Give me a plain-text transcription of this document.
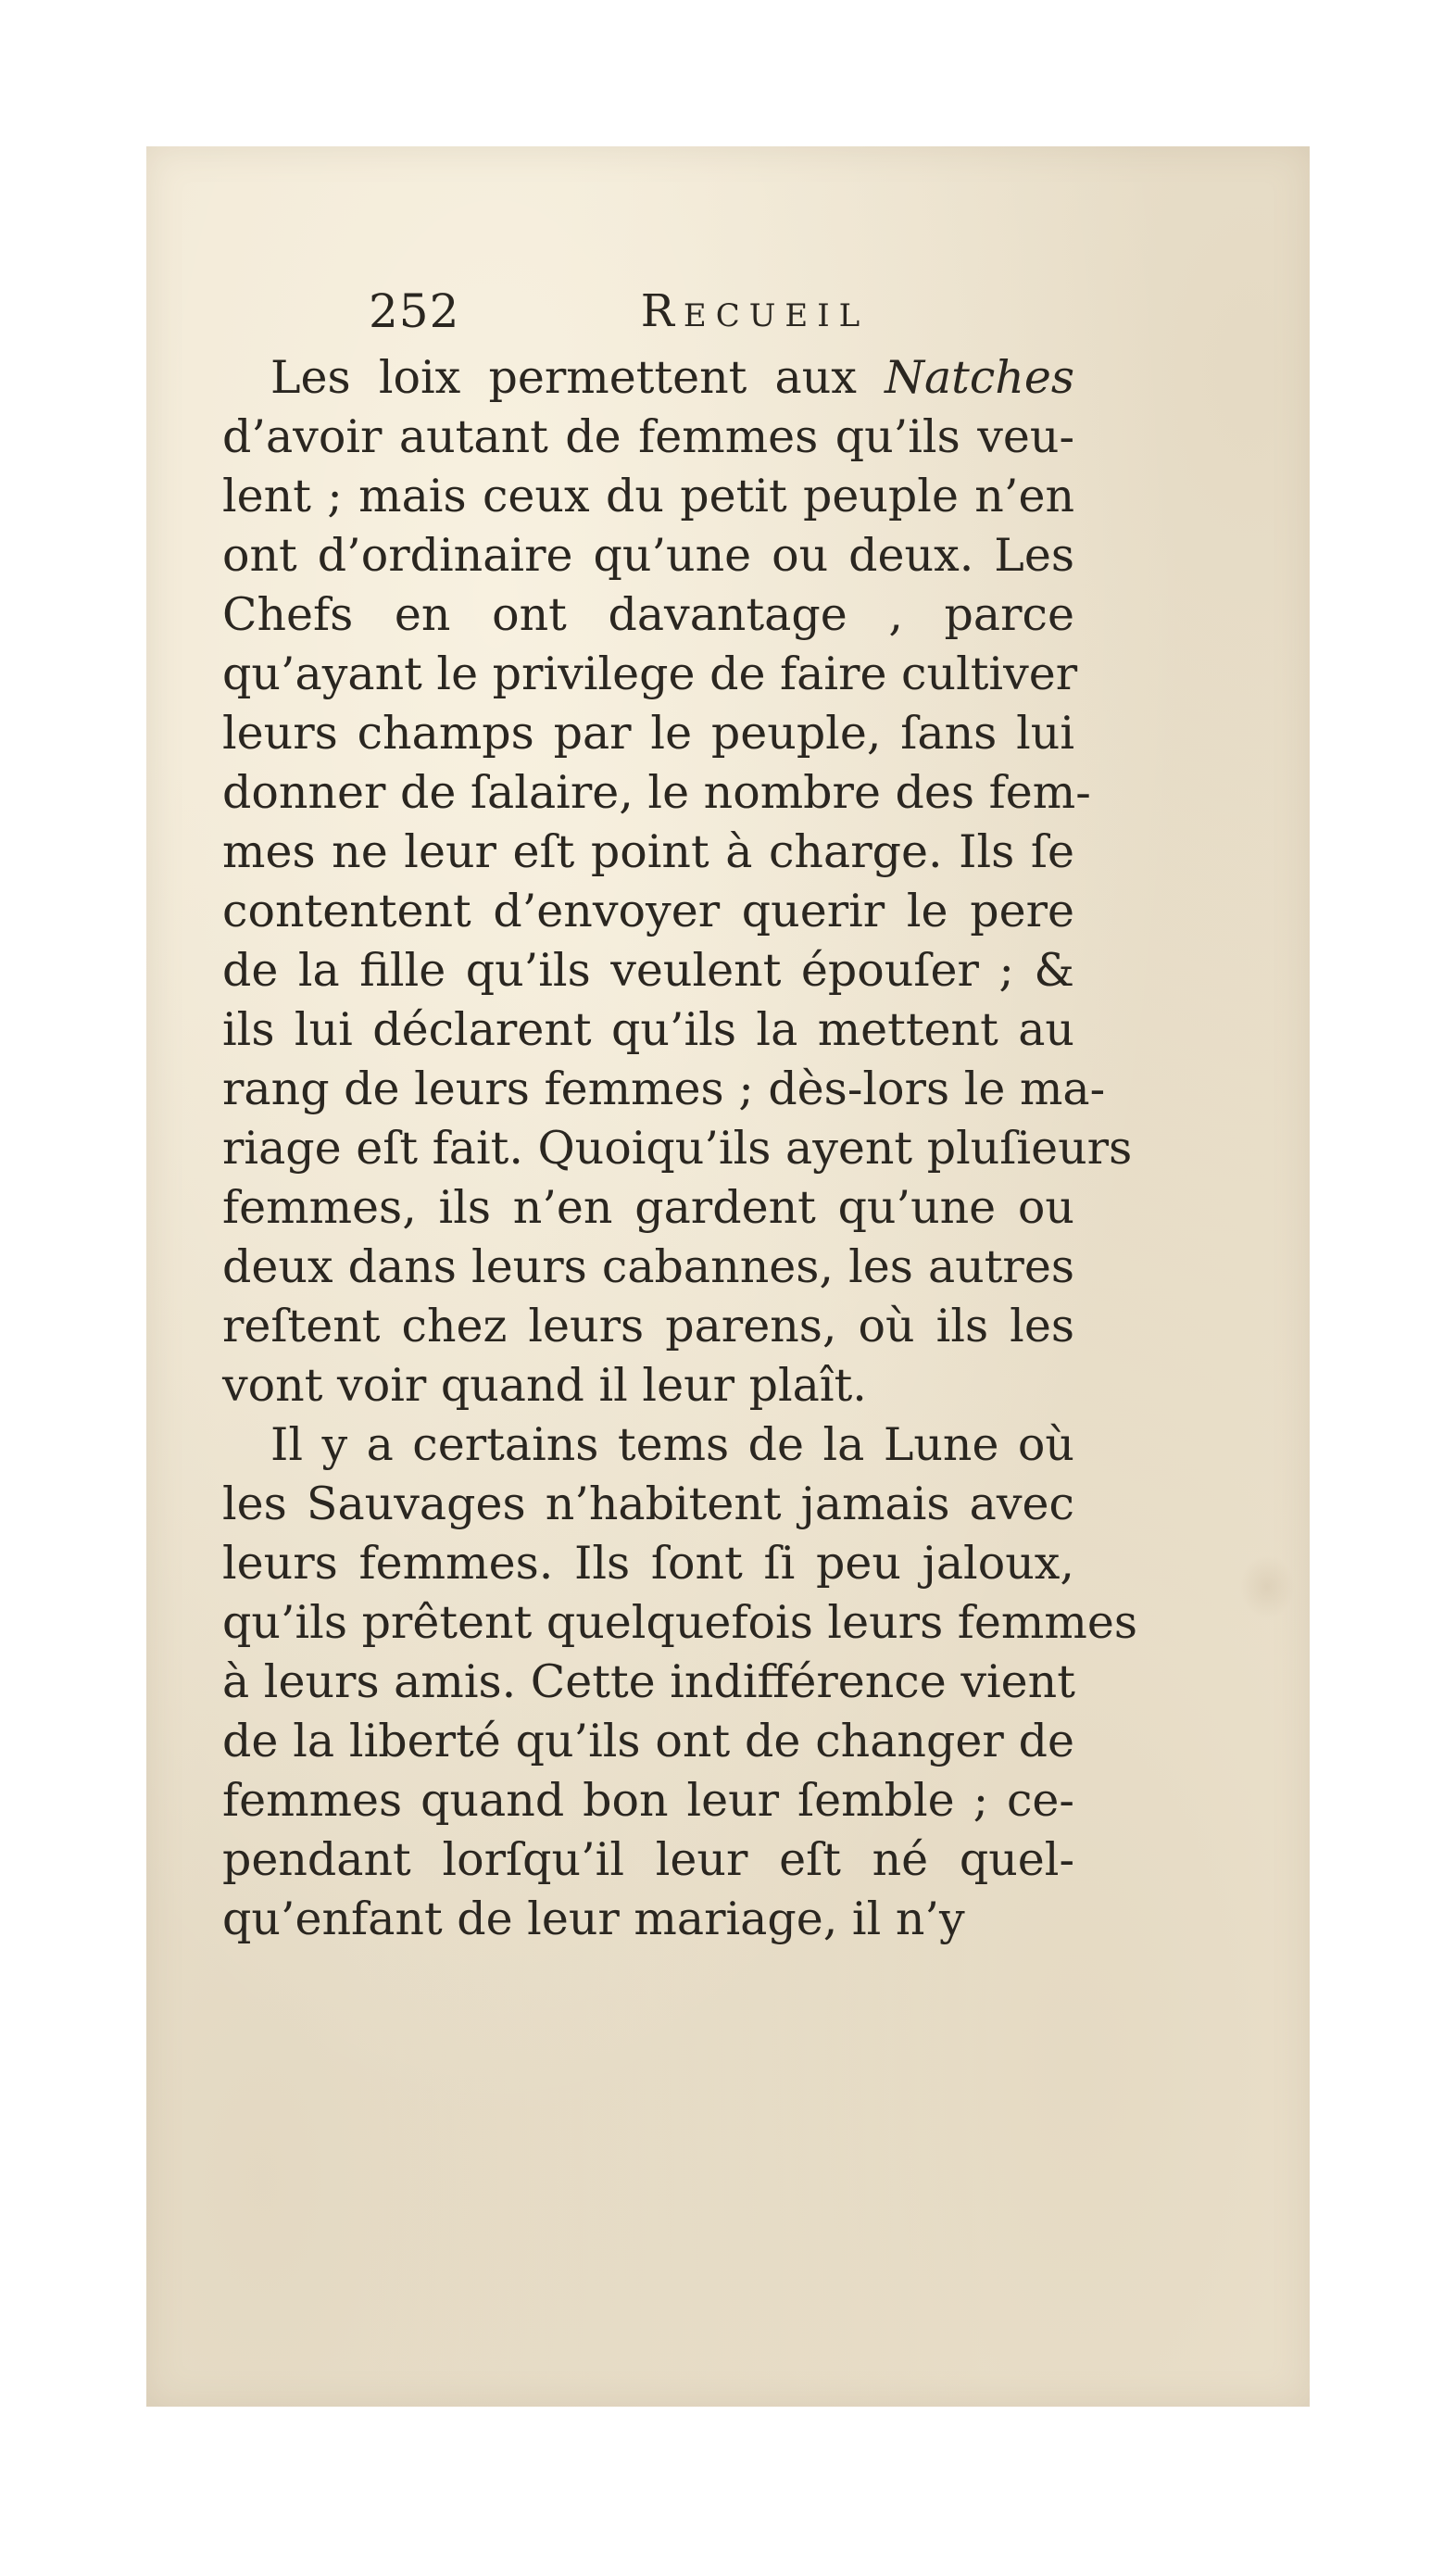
252	Recueil
Les loix permettent aux Natches
d’avoir autant de femmes qu’ils veu-
lent ; mais ceux du petit peuple n’en
ont d’ordinaire qu’une ou deux. Les
Chefs en ont davantage , parce
qu’ayant le privilege de faire cultiver
leurs champs par le peuple, ſans lui
donner de ſalaire, le nombre des fem-
mes ne leur eſt point à charge. Ils ſe
contentent d’envoyer querir le pere
de la fille qu’ils veulent épouſer ; &
ils lui déclarent qu’ils la mettent au
rang de leurs femmes ; dès-lors le ma-
riage eſt fait. Quoiqu’ils ayent pluſieurs
femmes, ils n’en gardent qu’une ou
deux dans leurs cabannes, les autres
reſtent chez leurs parens, où ils les
vont voir quand il leur plaît.
Il y a certains tems de la Lune où
les Sauvages n’habitent jamais avec
leurs femmes. Ils ſont ſi peu jaloux,
qu’ils prêtent quelquefois leurs femmes
à leurs amis. Cette indifférence vient
de la liberté qu’ils ont de changer de
femmes quand bon leur ſemble ; ce-
pendant lorſqu’il leur eſt né quel-
qu’enfant de leur mariage, il n’y
